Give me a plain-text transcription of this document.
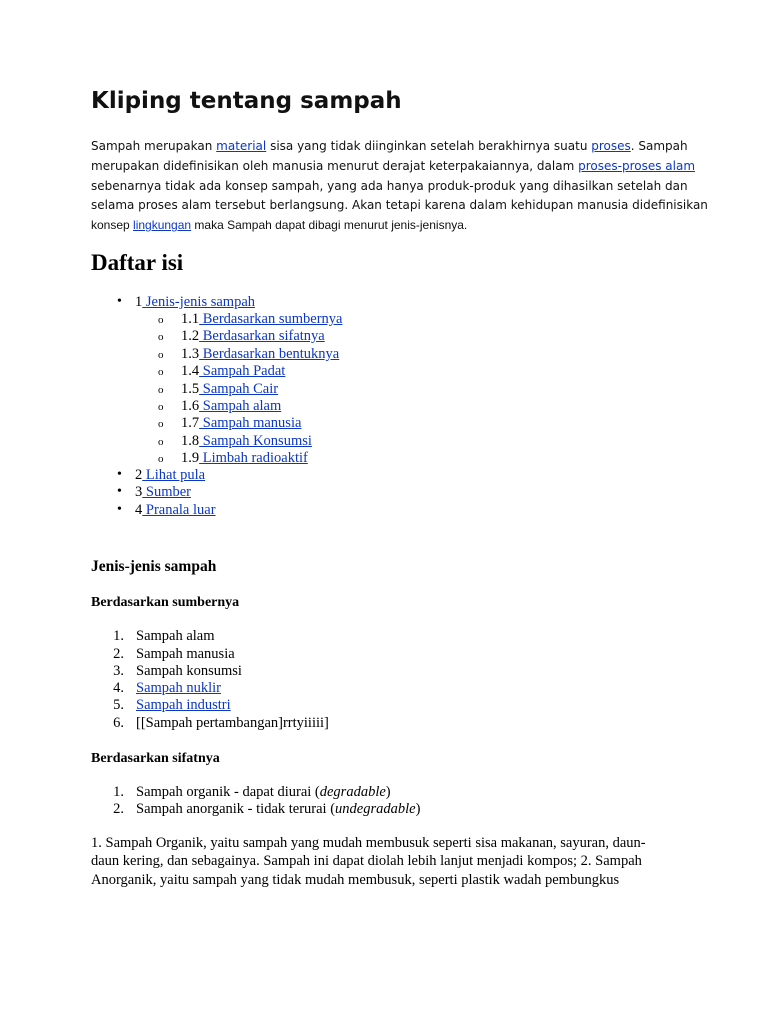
Kliping tentang sampah
Sampah merupakan material sisa yang tidak diinginkan setelah berakhirnya suatu proses. Sampah
merupakan didefinisikan oleh manusia menurut derajat keterpakaiannya, dalam proses-proses alam
sebenarnya tidak ada konsep sampah, yang ada hanya produk-produk yang dihasilkan setelah dan
selama proses alam tersebut berlangsung. Akan tetapi karena dalam kehidupan manusia didefinisikan
konsep lingkungan maka Sampah dapat dibagi menurut jenis-jenisnya.
Daftar isi
• 1 Jenis-jenis sampah
o 1.1 Berdasarkan sumbernya
o 1.2 Berdasarkan sifatnya
o 1.3 Berdasarkan bentuknya
o 1.4 Sampah Padat
o 1.5 Sampah Cair
o 1.6 Sampah alam
o 1.7 Sampah manusia
o 1.8 Sampah Konsumsi
o 1.9 Limbah radioaktif
• 2 Lihat pula
• 3 Sumber
• 4 Pranala luar
Jenis-jenis sampah
Berdasarkan sumbernya
1. Sampah alam
2. Sampah manusia
3. Sampah konsumsi
4. Sampah nuklir
5. Sampah industri
6. [[Sampah pertambangan]rrtyiiiii]
Berdasarkan sifatnya
1. Sampah organik - dapat diurai (degradable)
2. Sampah anorganik - tidak terurai (undegradable)
1. Sampah Organik, yaitu sampah yang mudah membusuk seperti sisa makanan, sayuran, daun-
daun kering, dan sebagainya. Sampah ini dapat diolah lebih lanjut menjadi kompos; 2. Sampah
Anorganik, yaitu sampah yang tidak mudah membusuk, seperti plastik wadah pembungkus
